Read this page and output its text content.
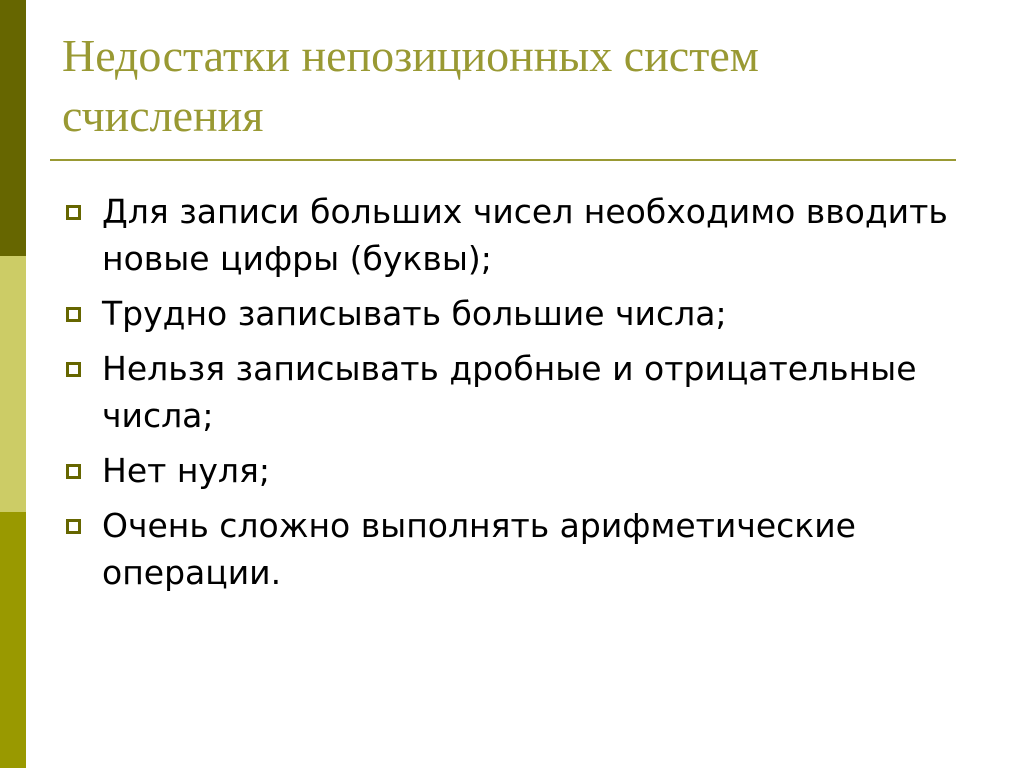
Недостатки непозиционных систем счисления
Для записи больших чисел необходимо вводить новые цифры (буквы);
Трудно записывать большие числа;
Нельзя записывать дробные и отрицательные числа;
Нет нуля;
Очень сложно выполнять арифметические операции.
